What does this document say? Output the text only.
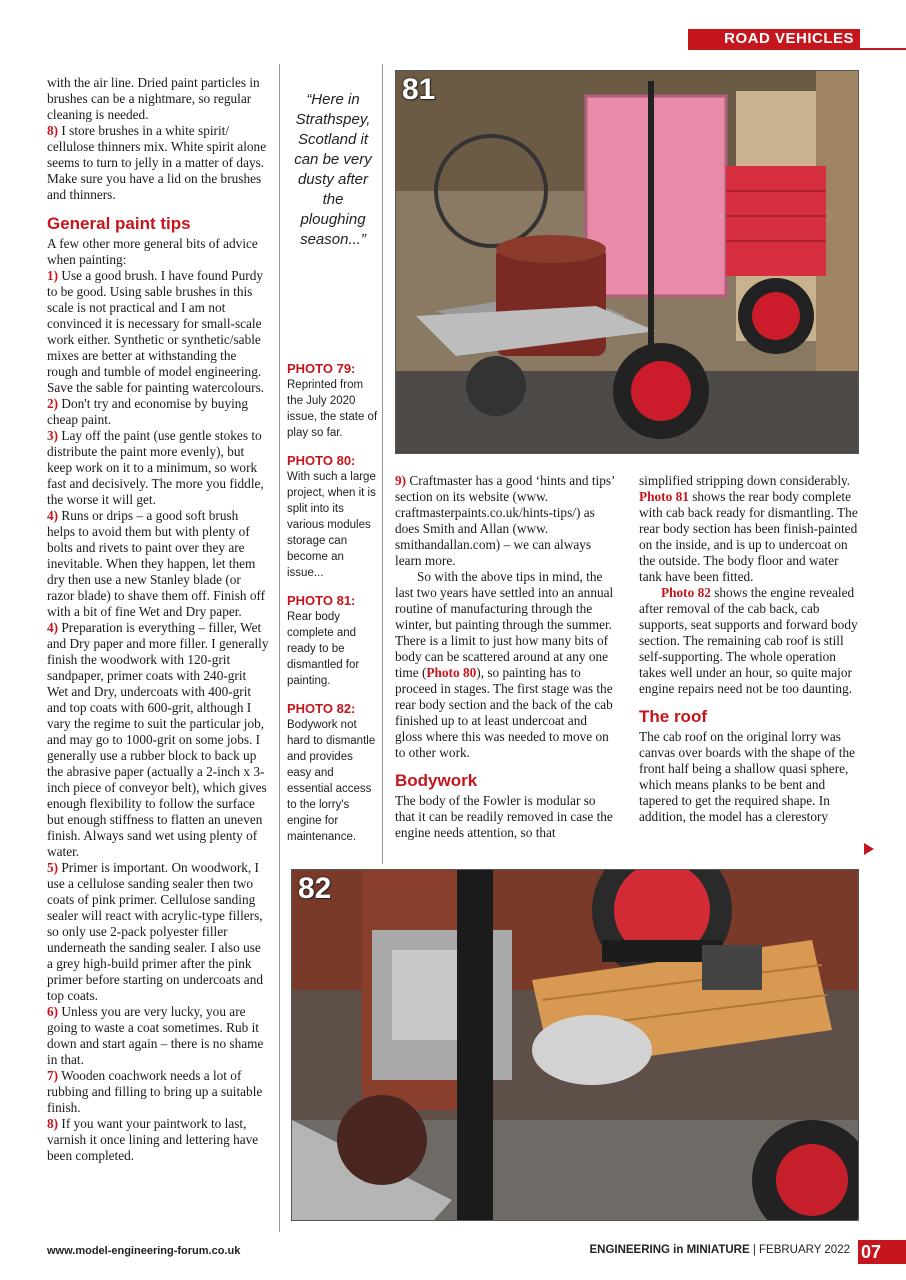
ROAD VEHICLES

with the air line. Dried paint particles in brushes can be a nightmare, so regular cleaning is needed.

8) I store brushes in a white spirit/ cellulose thinners mix. White spirit alone seems to turn to jelly in a matter of days. Make sure you have a lid on the brushes and thinners.

General paint tips

A few other more general bits of advice when painting:

1) Use a good brush. I have found Purdy to be good. Using sable brushes in this scale is not practical and I am not convinced it is necessary for small-scale work either. Synthetic or synthetic/sable mixes are better at withstanding the rough and tumble of model engineering. Save the sable for painting watercolours.

2) Don't try and economise by buying cheap paint.

3) Lay off the paint (use gentle stokes to distribute the paint more evenly), but keep work on it to a minimum, so work fast and decisively. The more you fiddle, the worse it will get.

4) Runs or drips – a good soft brush helps to avoid them but with plenty of bolts and rivets to paint over they are inevitable. When they happen, let them dry then use a new Stanley blade (or razor blade) to shave them off. Finish off with a bit of fine Wet and Dry paper.

4) Preparation is everything – filler, Wet and Dry paper and more filler. I generally finish the woodwork with 120-grit sandpaper, primer coats with 240-grit Wet and Dry, undercoats with 400-grit and top coats with 600-grit, although I vary the regime to suit the particular job, and may go to 1000-grit on some jobs. I generally use a rubber block to back up the abrasive paper (actually a 2-inch x 3-inch piece of conveyor belt), which gives enough flexibility to follow the surface but enough stiffness to flatten an uneven finish. Always sand wet using plenty of water.

5) Primer is important. On woodwork, I use a cellulose sanding sealer then two coats of pink primer. Cellulose sanding sealer will react with acrylic-type fillers, so only use 2-pack polyester filler underneath the sanding sealer. I also use a grey high-build primer after the pink primer before starting on undercoats and top coats.

6) Unless you are very lucky, you are going to waste a coat sometimes. Rub it down and start again – there is no shame in that.

7) Wooden coachwork needs a lot of rubbing and filling to bring up a suitable finish.

8) If you want your paintwork to last, varnish it once lining and lettering have been completed.

“Here in Strathspey, Scotland it can be very dusty after the ploughing season...”
PHOTO 79:
Reprinted from the July 2020 issue, the state of play so far.
PHOTO 80:
With such a large project, when it is split into its various modules storage can become an issue...
PHOTO 81:
Rear body complete and ready to be dismantled for painting.
PHOTO 82:
Bodywork not hard to dismantle and provides easy and essential access to the lorry's engine for maintenance.
81

9) Craftmaster has a good ‘hints and tips’ section on its website (www. craftmasterpaints.co.uk/hints-tips/) as does Smith and Allan (www. smithandallan.com) – we can always learn more.

So with the above tips in mind, the last two years have settled into an annual routine of manufacturing through the winter, but painting through the summer. There is a limit to just how many bits of body can be scattered around at any one time (Photo 80), so painting has to proceed in stages. The first stage was the rear body section and the back of the cab finished up to at least undercoat and gloss where this was needed to move on to other work.

Bodywork

The body of the Fowler is modular so that it can be readily removed in case the engine needs attention, so that

simplified stripping down considerably. Photo 81 shows the rear body complete with cab back ready for dismantling. The rear body section has been finish-painted on the inside, and is up to undercoat on the outside. The body floor and water tank have been fitted.

Photo 82 shows the engine revealed after removal of the cab back, cab supports, seat supports and forward body section. The remaining cab roof is still self-supporting. The whole operation takes well under an hour, so quite major engine repairs need not be too daunting.

The roof

The cab roof on the original lorry was canvas over boards with the shape of the front half being a shallow quasi sphere, which means planks to be bent and tapered to get the required shape. In addition, the model has a clerestory

82
www.model-engineering-forum.co.uk	ENGINEERING in MINIATURE | FEBRUARY 2022 07
